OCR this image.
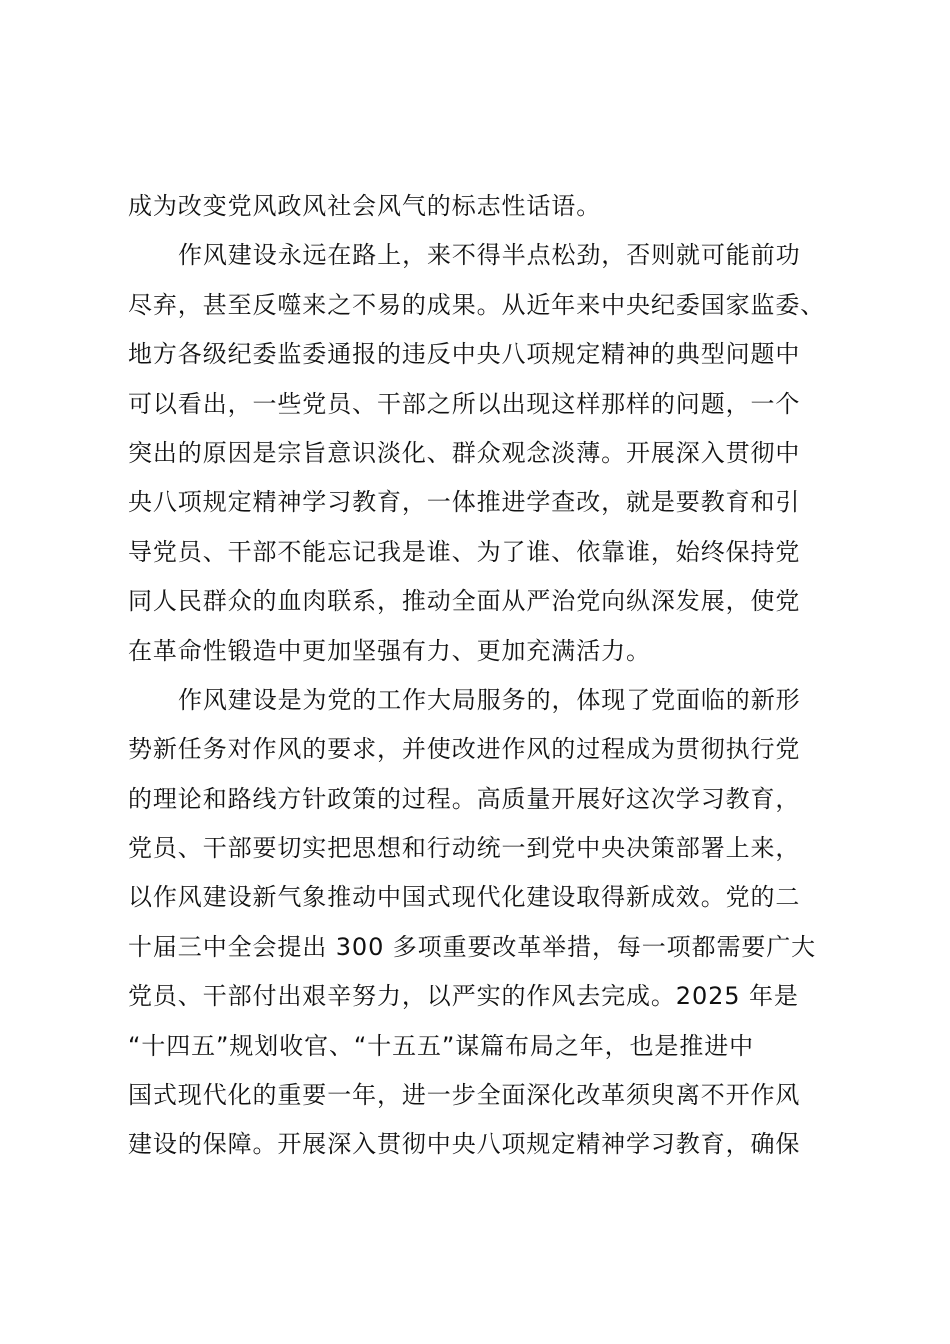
成为改变党风政风社会风气的标志性话语。
作风建设永远在路上，来不得半点松劲，否则就可能前功
尽弃，甚至反噬来之不易的成果。从近年来中央纪委国家监委、
地方各级纪委监委通报的违反中央八项规定精神的典型问题中
可以看出，一些党员、干部之所以出现这样那样的问题，一个
突出的原因是宗旨意识淡化、群众观念淡薄。开展深入贯彻中
央八项规定精神学习教育，一体推进学查改，就是要教育和引
导党员、干部不能忘记我是谁、为了谁、依靠谁，始终保持党
同人民群众的血肉联系，推动全面从严治党向纵深发展，使党
在革命性锻造中更加坚强有力、更加充满活力。
作风建设是为党的工作大局服务的，体现了党面临的新形
势新任务对作风的要求，并使改进作风的过程成为贯彻执行党
的理论和路线方针政策的过程。高质量开展好这次学习教育，
党员、干部要切实把思想和行动统一到党中央决策部署上来，
以作风建设新气象推动中国式现代化建设取得新成效。党的二
十届三中全会提出 300 多项重要改革举措，每一项都需要广大
党员、干部付出艰辛努力，以严实的作风去完成。2025 年是
“十四五”规划收官、“十五五”谋篇布局之年，也是推进中
国式现代化的重要一年，进一步全面深化改革须臾离不开作风
建设的保障。开展深入贯彻中央八项规定精神学习教育，确保
